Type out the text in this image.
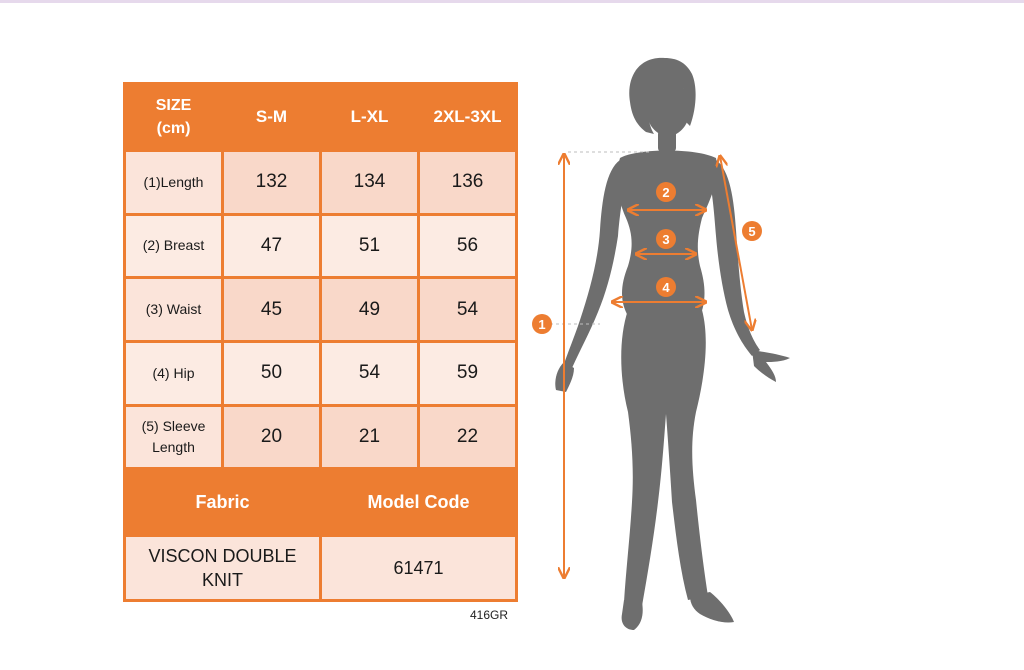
SIZE
(cm)	S-M	L-XL	2XL-3XL
(1)Length	132	134	136
(2) Breast	47	51	56
(3) Waist	45	49	54
(4) Hip	50	54	59
(5) Sleeve
Length	20	21	22
Fabric		Model Code	
VISCON DOUBLE
KNIT		61471	
416GR
1
2
3
4
5
